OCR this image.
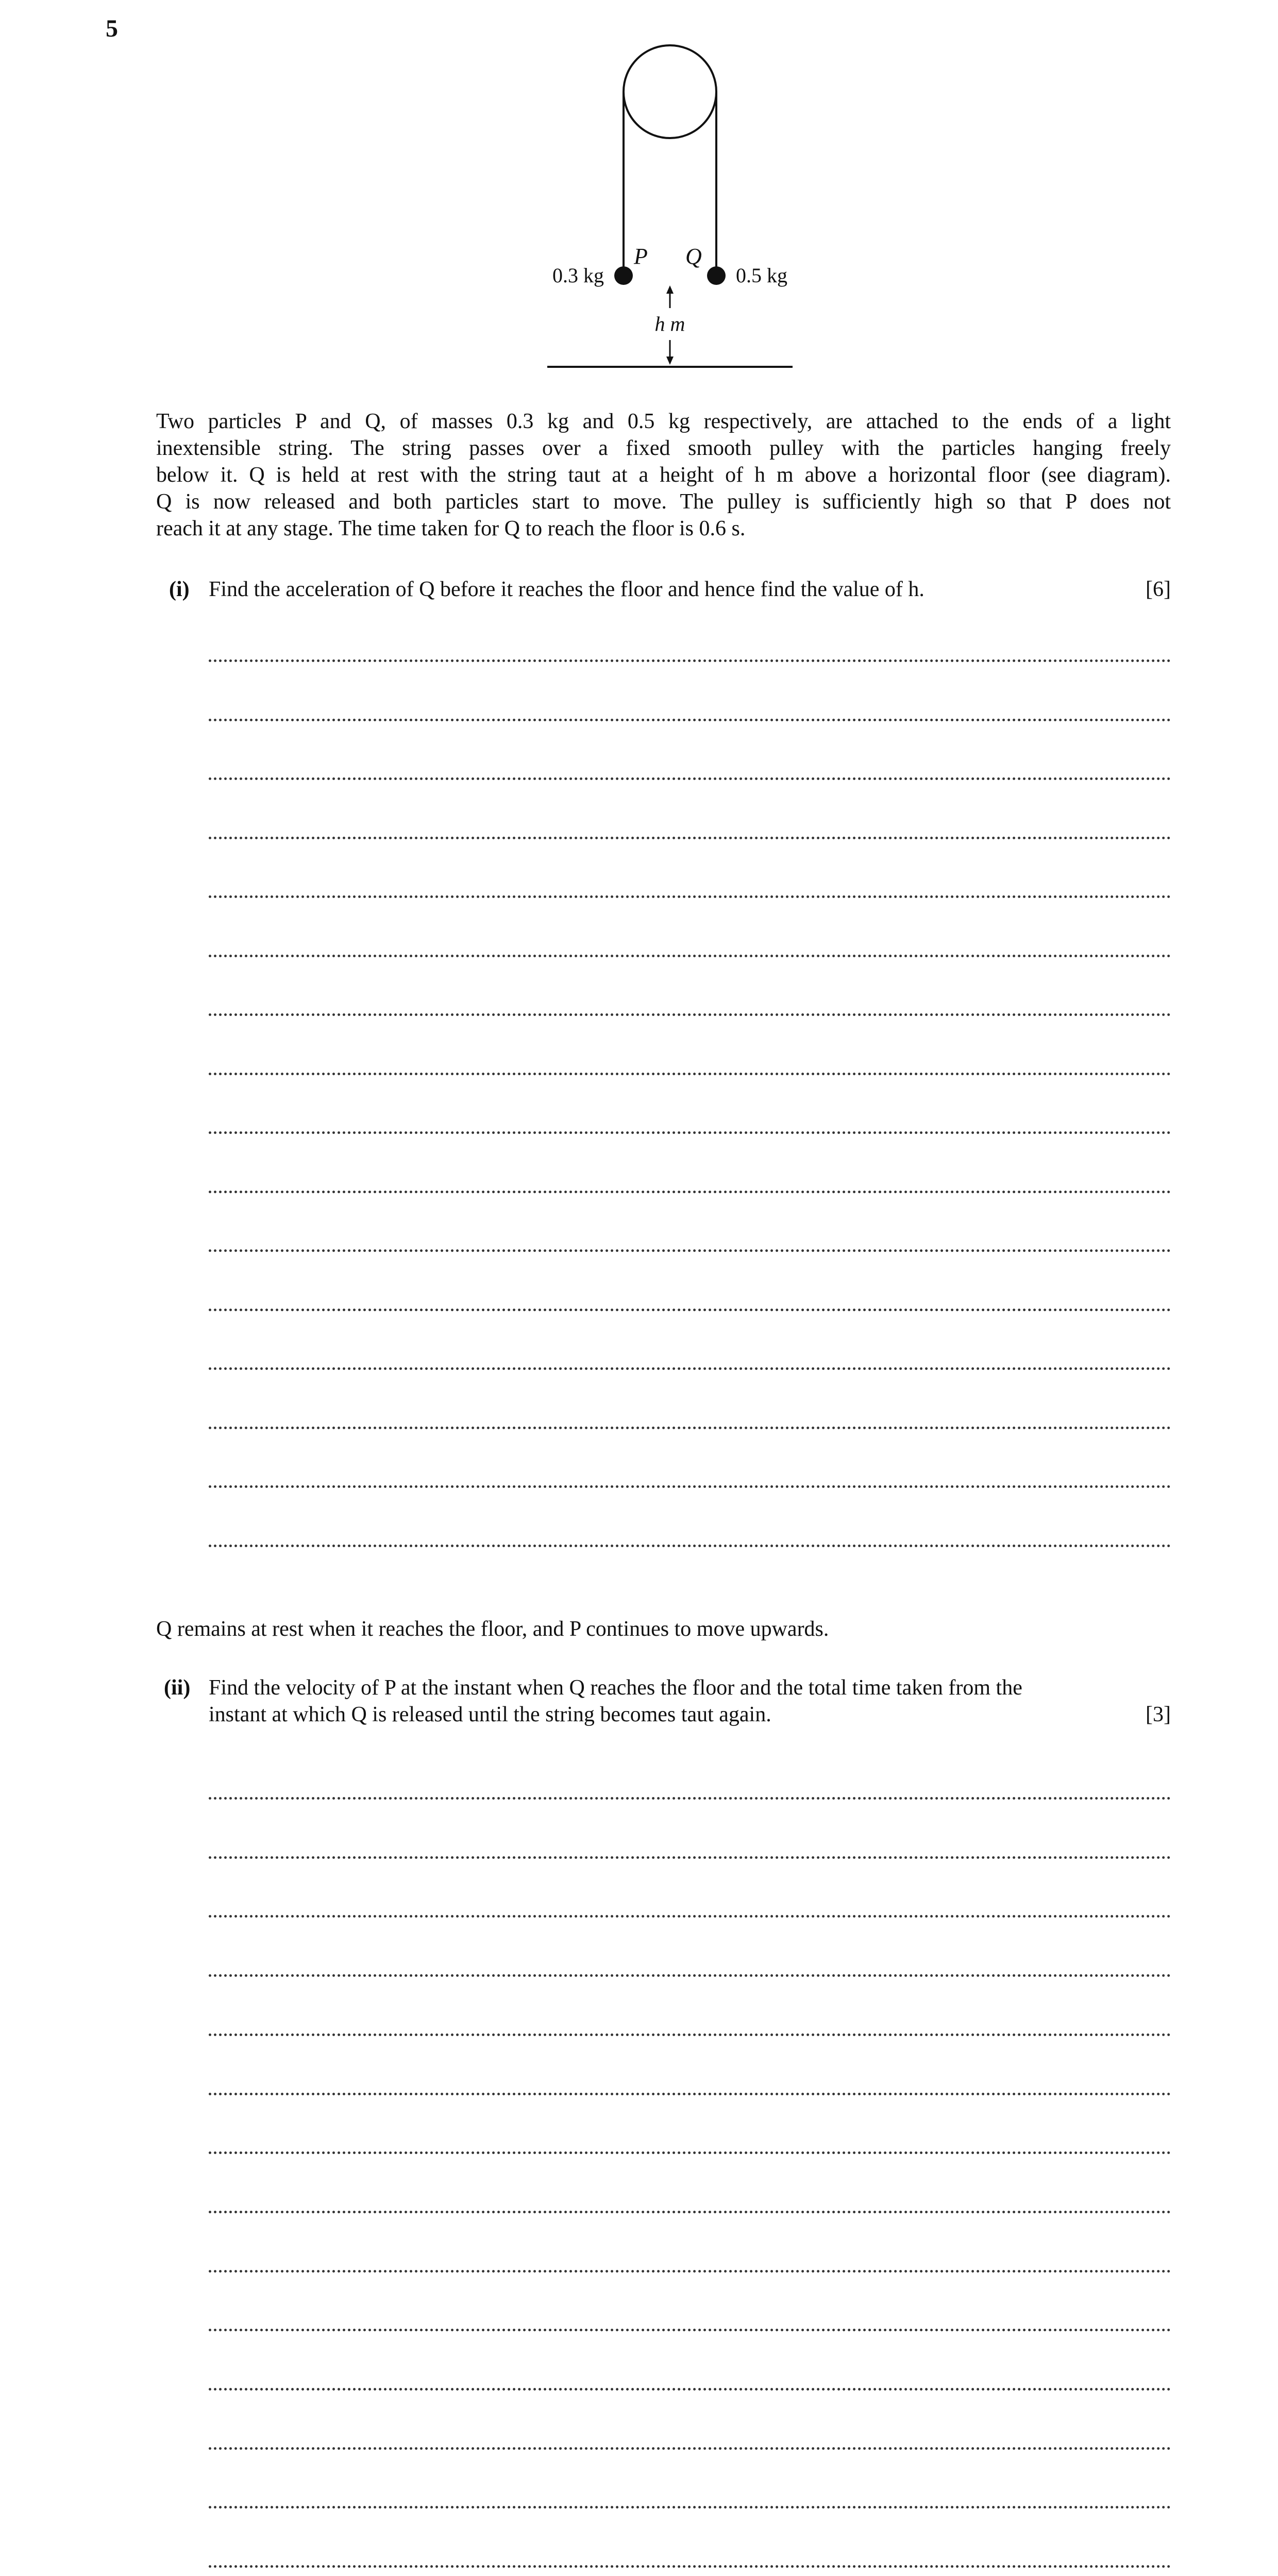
5
P Q
0.3 kg	0.5 kg
h m
Two particles P and Q, of masses 0.3 kg and 0.5 kg respectively, are attached to the ends of a light
inextensible string. The string passes over a fixed smooth pulley with the particles hanging freely
below it. Q is held at rest with the string taut at a height of h m above a horizontal floor (see diagram).
Q is now released and both particles start to move. The pulley is sufficiently high so that P does not
reach it at any stage. The time taken for Q to reach the floor is 0.6 s.
(i) Find the acceleration of Q before it reaches the floor and hence find the value of h.	[6]
Q remains at rest when it reaches the floor, and P continues to move upwards.
(ii) Find the velocity of P at the instant when Q reaches the floor and the total time taken from the
instant at which Q is released until the string becomes taut again.	[3]
